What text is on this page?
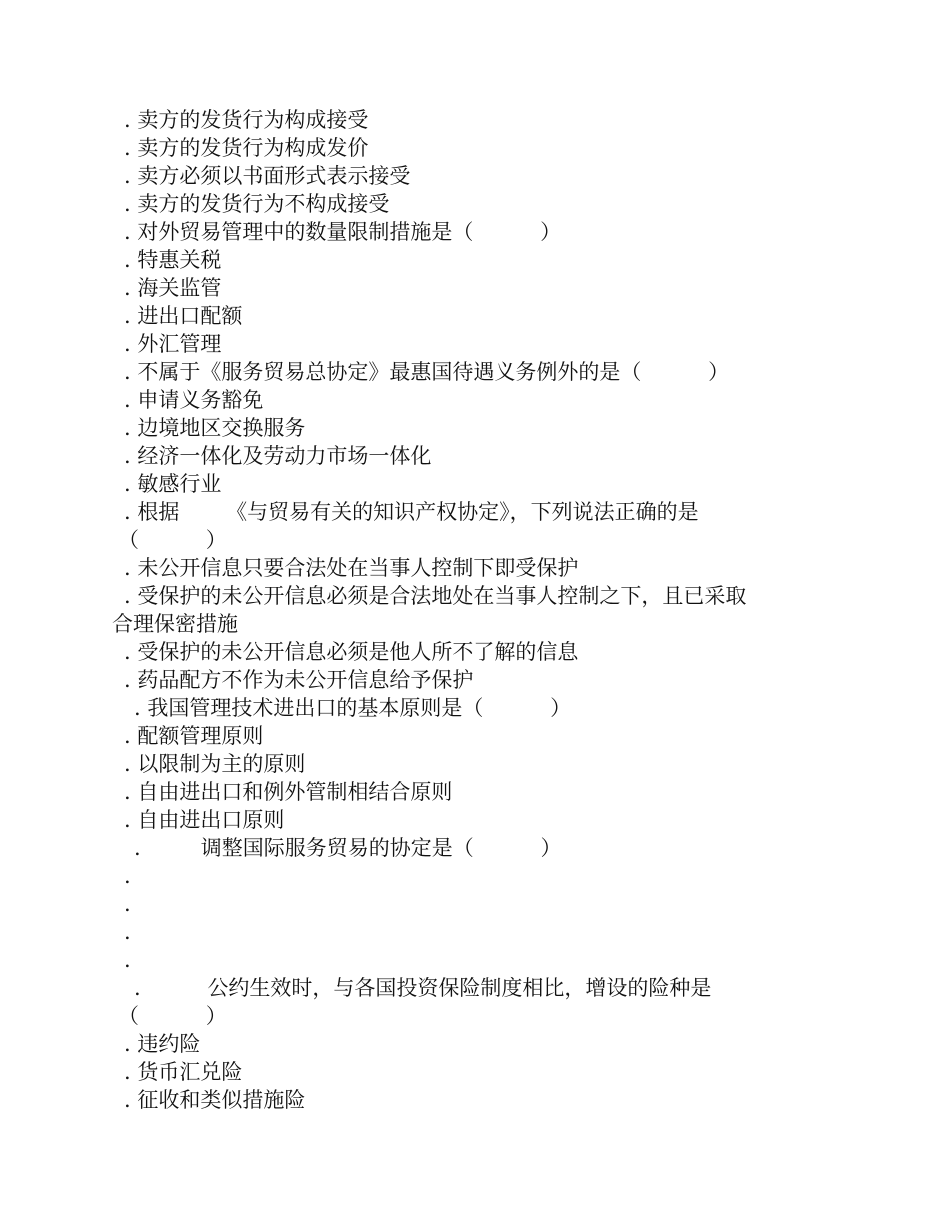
. 卖方的发货行为构成接受
. 卖方的发货行为构成发价
. 卖方必须以书面形式表示接受
. 卖方的发货行为不构成接受
. 对外贸易管理中的数量限制措施是（          ）
. 特惠关税
. 海关监管
. 进出口配额
. 外汇管理
. 不属于《服务贸易总协定》最惠国待遇义务例外的是（          ）
. 申请义务豁免
. 边境地区交换服务
. 经济一体化及劳动力市场一体化
. 敏感行业
. 根据       《与贸易有关的知识产权协定》，下列说法正确的是
（          ）
. 未公开信息只要合法处在当事人控制下即受保护
. 受保护的未公开信息必须是合法地处在当事人控制之下，且已采取
合理保密措施
. 受保护的未公开信息必须是他人所不了解的信息
. 药品配方不作为未公开信息给予保护
. 我国管理技术进出口的基本原则是（          ）
. 配额管理原则
. 以限制为主的原则
. 自由进出口和例外管制相结合原则
. 自由进出口原则
.         调整国际服务贸易的协定是（          ）
.
.
.
.
.          公约生效时，与各国投资保险制度相比，增设的险种是
（          ）
. 违约险
. 货币汇兑险
. 征收和类似措施险
